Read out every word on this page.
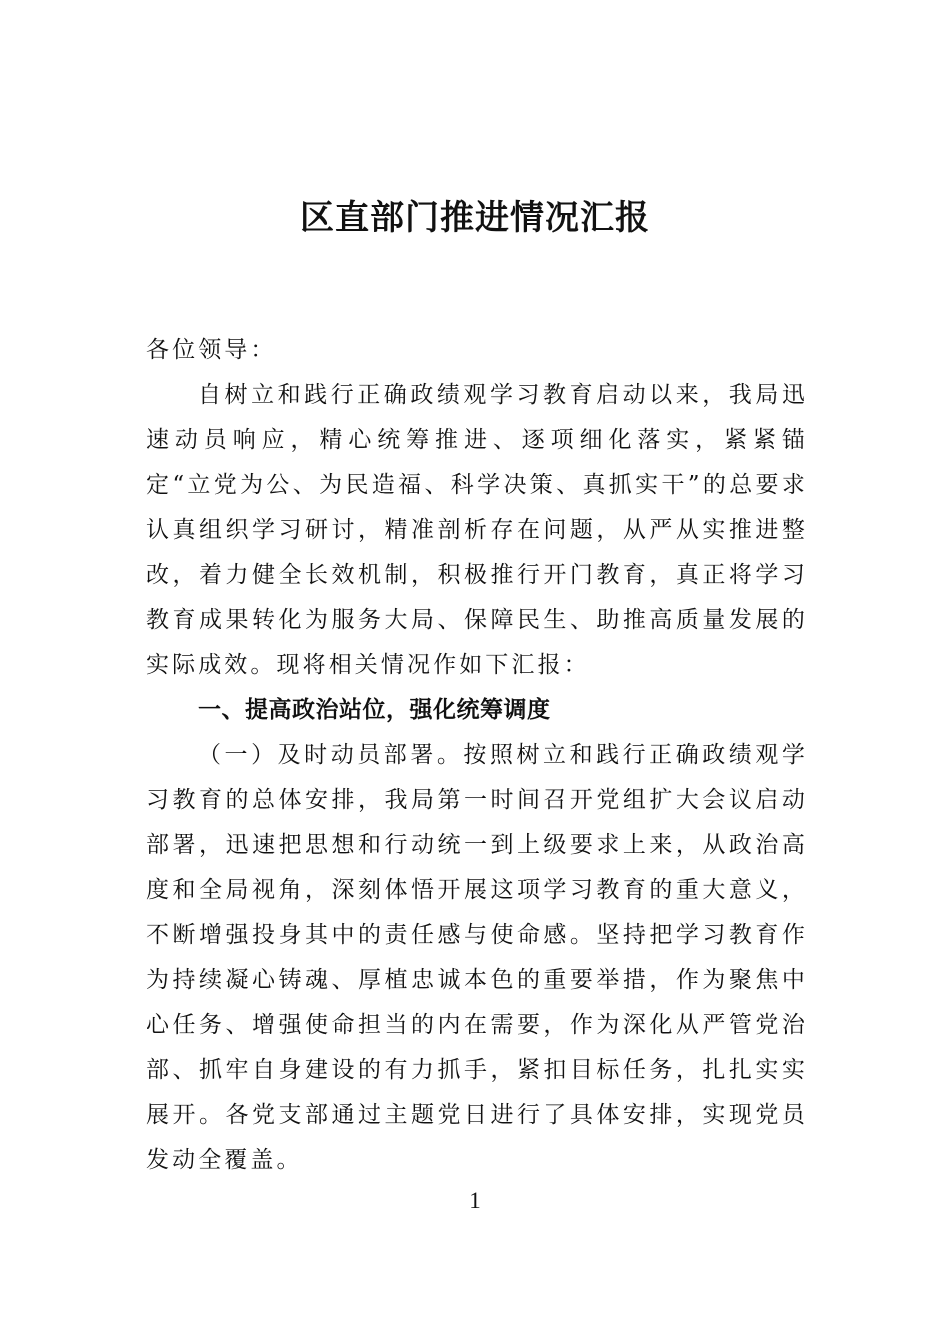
区直部门推进情况汇报

各位领导：

自树立和践行正确政绩观学习教育启动以来，我局迅速动员响应，精心统筹推进、逐项细化落实，紧紧锚定“立党为公、为民造福、科学决策、真抓实干”的总要求认真组织学习研讨，精准剖析存在问题，从严从实推进整改，着力健全长效机制，积极推行开门教育，真正将学习教育成果转化为服务大局、保障民生、助推高质量发展的实际成效。现将相关情况作如下汇报：

一、提高政治站位，强化统筹调度

（一）及时动员部署。按照树立和践行正确政绩观学习教育的总体安排，我局第一时间召开党组扩大会议启动部署，迅速把思想和行动统一到上级要求上来，从政治高度和全局视角，深刻体悟开展这项学习教育的重大意义，不断增强投身其中的责任感与使命感。坚持把学习教育作为持续凝心铸魂、厚植忠诚本色的重要举措，作为聚焦中心任务、增强使命担当的内在需要，作为深化从严管党治部、抓牢自身建设的有力抓手，紧扣目标任务，扎扎实实展开。各党支部通过主题党日进行了具体安排，实现党员发动全覆盖。

1
